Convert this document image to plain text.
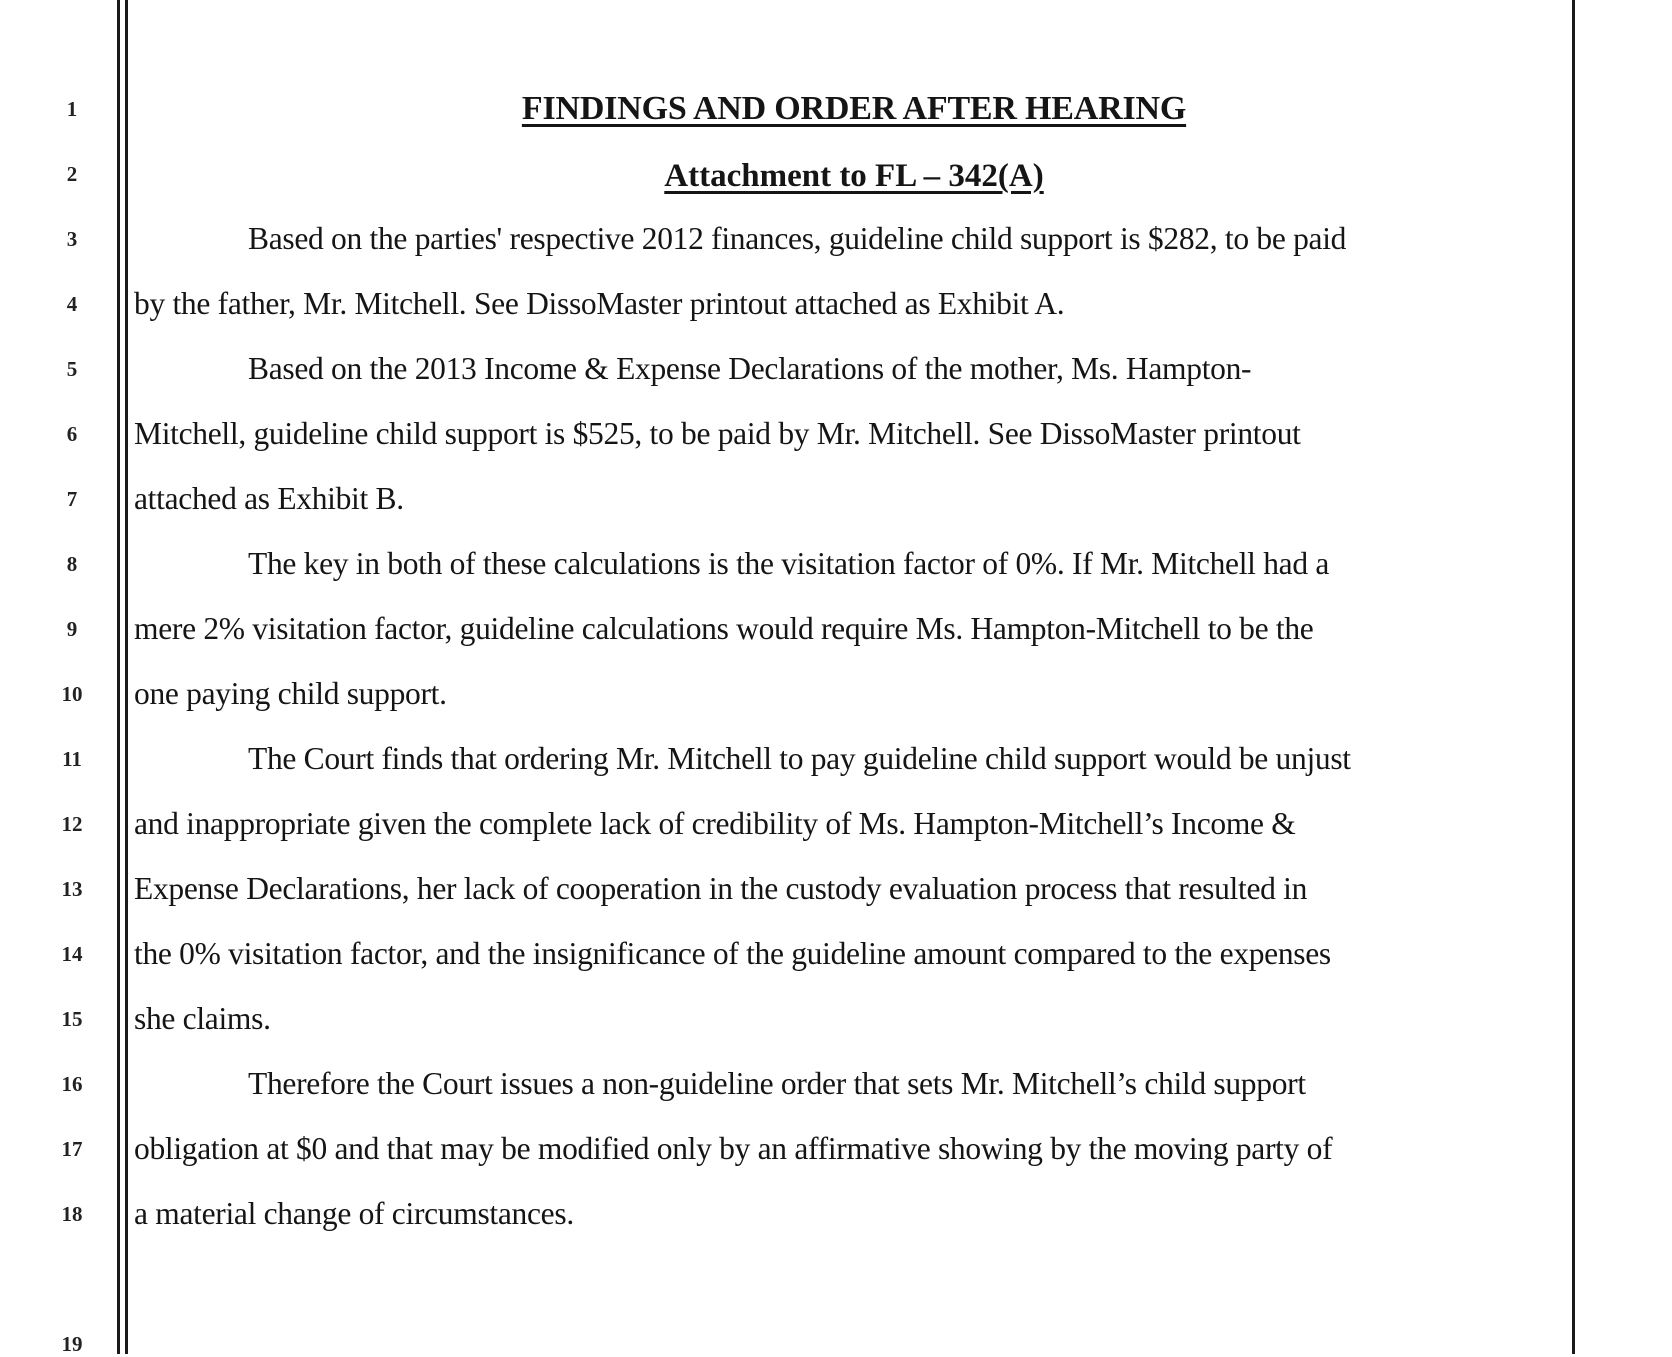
1
2
3
4
5
6
7
8
9
10
11
12
13
14
15
16
17
18
19
FINDINGS AND ORDER AFTER HEARING
Attachment to FL – 342(A)
Based on the parties' respective 2012 finances, guideline child support is $282, to be paid
by the father, Mr. Mitchell. See DissoMaster printout attached as Exhibit A.
Based on the 2013 Income & Expense Declarations of the mother, Ms. Hampton-
Mitchell, guideline child support is $525, to be paid by Mr. Mitchell. See DissoMaster printout
attached as Exhibit B.
The key in both of these calculations is the visitation factor of 0%. If Mr. Mitchell had a
mere 2% visitation factor, guideline calculations would require Ms. Hampton-Mitchell to be the
one paying child support.
The Court finds that ordering Mr. Mitchell to pay guideline child support would be unjust
and inappropriate given the complete lack of credibility of Ms. Hampton-Mitchell’s Income &
Expense Declarations, her lack of cooperation in the custody evaluation process that resulted in
the 0% visitation factor, and the insignificance of the guideline amount compared to the expenses
she claims.
Therefore the Court issues a non-guideline order that sets Mr. Mitchell’s child support
obligation at $0 and that may be modified only by an affirmative showing by the moving party of
a material change of circumstances.
